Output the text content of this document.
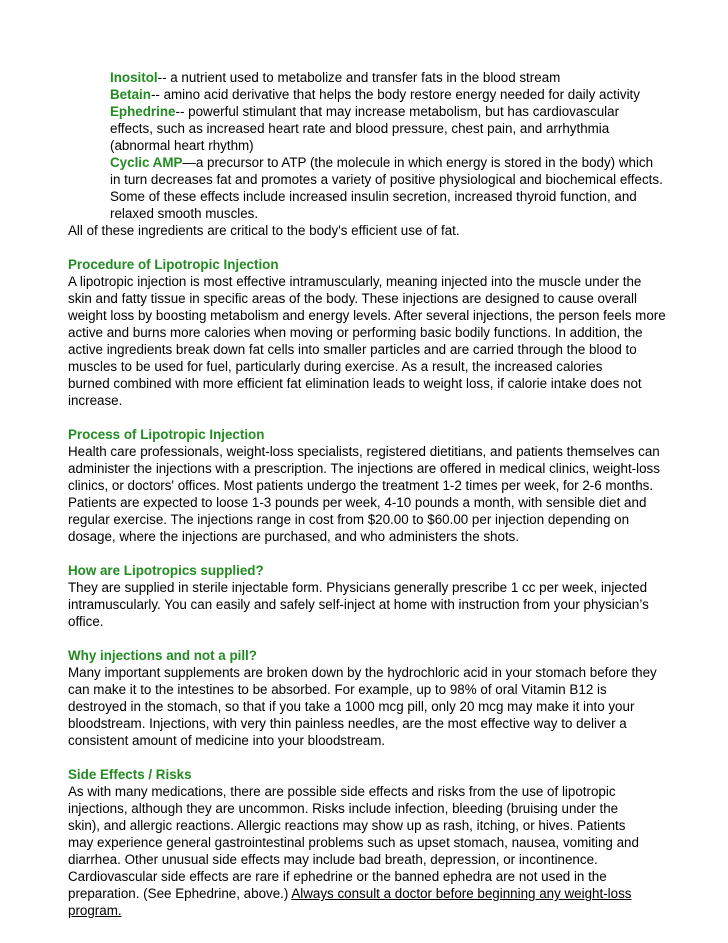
Inositol-- a nutrient used to metabolize and transfer fats in the blood stream
Betain-- amino acid derivative that helps the body restore energy needed for daily activity
Ephedrine-- powerful stimulant that may increase metabolism, but has cardiovascular
effects, such as increased heart rate and blood pressure, chest pain, and arrhythmia
(abnormal heart rhythm)
Cyclic AMP—a precursor to ATP (the molecule in which energy is stored in the body) which
in turn decreases fat and promotes a variety of positive physiological and biochemical effects.
Some of these effects include increased insulin secretion, increased thyroid function, and
relaxed smooth muscles.
All of these ingredients are critical to the body's efficient use of fat.
Procedure of Lipotropic Injection
A lipotropic injection is most effective intramuscularly, meaning injected into the muscle under the
skin and fatty tissue in specific areas of the body. These injections are designed to cause overall
weight loss by boosting metabolism and energy levels. After several injections, the person feels more
active and burns more calories when moving or performing basic bodily functions. In addition, the
active ingredients break down fat cells into smaller particles and are carried through the blood to
muscles to be used for fuel, particularly during exercise. As a result, the increased calories
burned combined with more efficient fat elimination leads to weight loss, if calorie intake does not
increase.
Process of Lipotropic Injection
Health care professionals, weight-loss specialists, registered dietitians, and patients themselves can
administer the injections with a prescription. The injections are offered in medical clinics, weight-loss
clinics, or doctors' offices. Most patients undergo the treatment 1-2 times per week, for 2-6 months.
Patients are expected to loose 1-3 pounds per week, 4-10 pounds a month, with sensible diet and
regular exercise. The injections range in cost from $20.00 to $60.00 per injection depending on
dosage, where the injections are purchased, and who administers the shots.
How are Lipotropics supplied?
They are supplied in sterile injectable form. Physicians generally prescribe 1 cc per week, injected
intramuscularly. You can easily and safely self-inject at home with instruction from your physician’s
office.
Why injections and not a pill?
Many important supplements are broken down by the hydrochloric acid in your stomach before they
can make it to the intestines to be absorbed. For example, up to 98% of oral Vitamin B12 is
destroyed in the stomach, so that if you take a 1000 mcg pill, only 20 mcg may make it into your
bloodstream. Injections, with very thin painless needles, are the most effective way to deliver a
consistent amount of medicine into your bloodstream.
Side Effects / Risks
As with many medications, there are possible side effects and risks from the use of lipotropic
injections, although they are uncommon. Risks include infection, bleeding (bruising under the
skin), and allergic reactions. Allergic reactions may show up as rash, itching, or hives. Patients
may experience general gastrointestinal problems such as upset stomach, nausea, vomiting and
diarrhea. Other unusual side effects may include bad breath, depression, or incontinence.
Cardiovascular side effects are rare if ephedrine or the banned ephedra are not used in the
preparation. (See Ephedrine, above.) Always consult a doctor before beginning any weight-loss
program.
